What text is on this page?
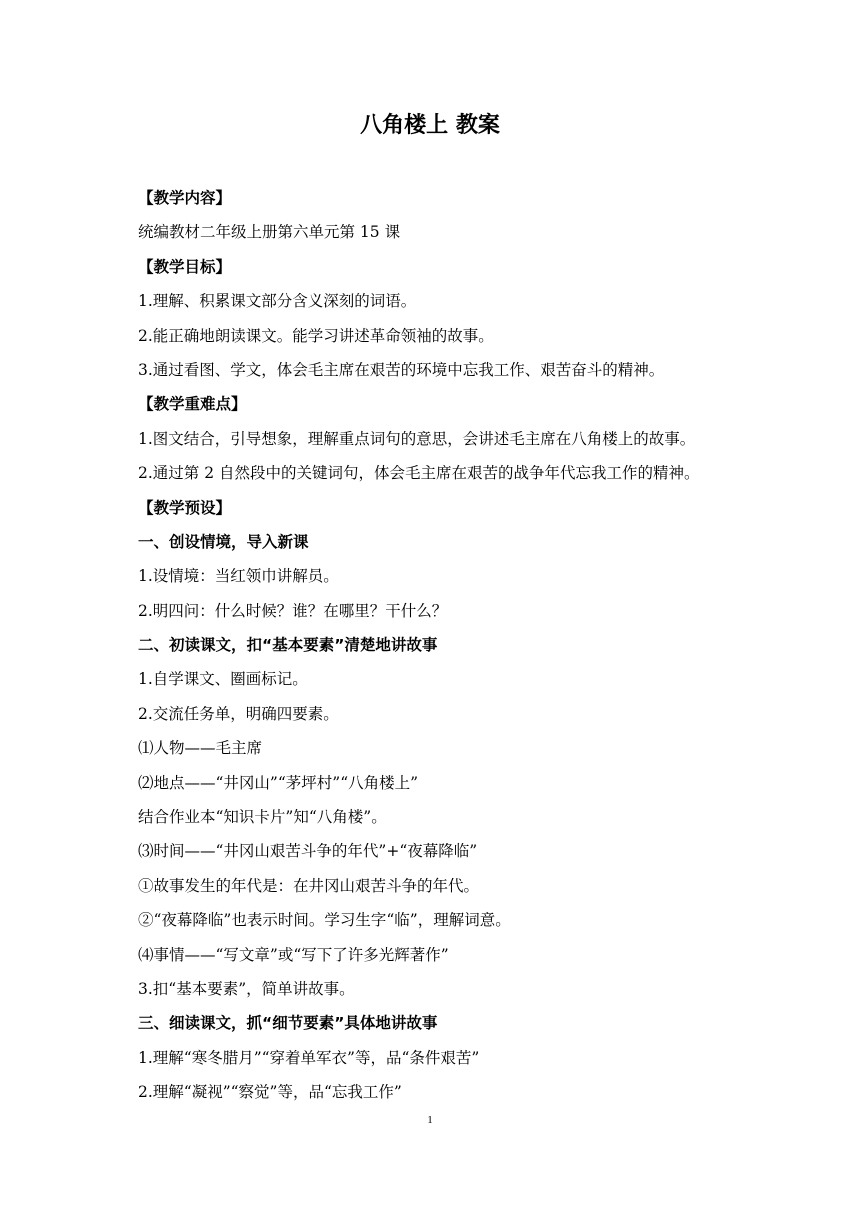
八角楼上 教案
【教学内容】
统编教材二年级上册第六单元第 15 课
【教学目标】
1.理解、积累课文部分含义深刻的词语。
2.能正确地朗读课文。能学习讲述革命领袖的故事。
3.通过看图、学文，体会毛主席在艰苦的环境中忘我工作、艰苦奋斗的精神。
【教学重难点】
1.图文结合，引导想象，理解重点词句的意思，会讲述毛主席在八角楼上的故事。
2.通过第 2 自然段中的关键词句，体会毛主席在艰苦的战争年代忘我工作的精神。
【教学预设】
一、创设情境，导入新课
1.设情境：当红领巾讲解员。
2.明四问：什么时候？谁？在哪里？干什么？
二、初读课文，扣“基本要素”清楚地讲故事
1.自学课文、圈画标记。
2.交流任务单，明确四要素。
⑴人物——毛主席
⑵地点——“井冈山”“茅坪村”“八角楼上”
结合作业本“知识卡片”知“八角楼”。
⑶时间——“井冈山艰苦斗争的年代”+“夜幕降临”
①故事发生的年代是：在井冈山艰苦斗争的年代。
②“夜幕降临”也表示时间。学习生字“临”，理解词意。
⑷事情——“写文章”或“写下了许多光辉著作”
3.扣“基本要素”，简单讲故事。
三、细读课文，抓“细节要素”具体地讲故事
1.理解“寒冬腊月”“穿着单军衣”等，品“条件艰苦”
2.理解“凝视”“察觉”等，品“忘我工作”
1
